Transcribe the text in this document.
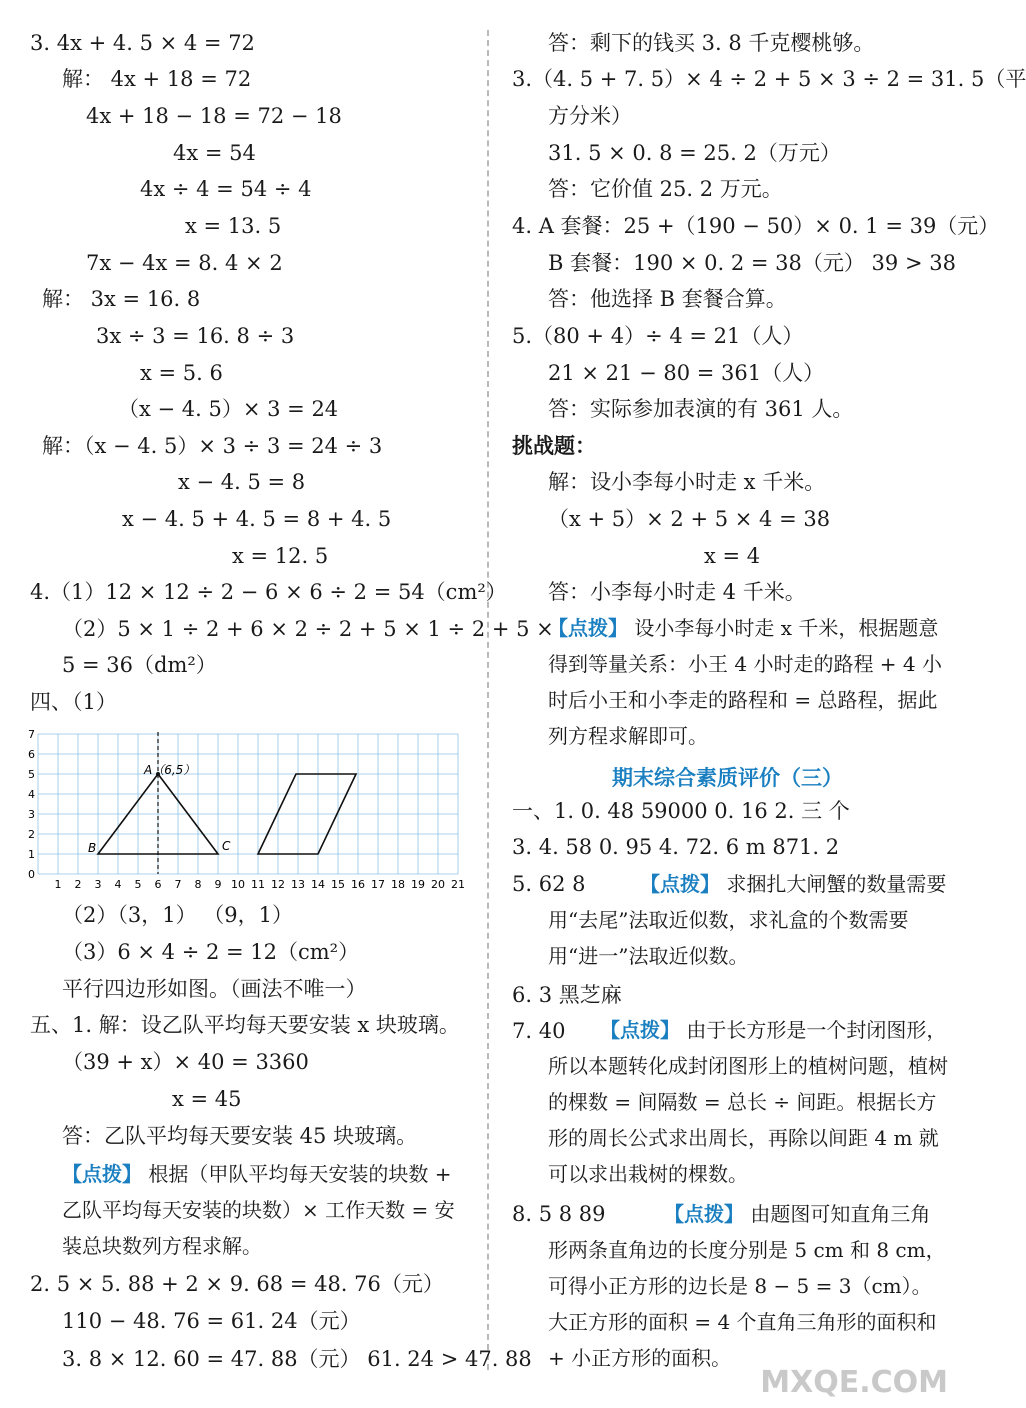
3. 4x + 4. 5 × 4 = 72
解： 4x + 18 = 72
4x + 18 − 18 = 72 − 18
4x = 54
4x ÷ 4 = 54 ÷ 4
x = 13. 5
7x − 4x = 8. 4 × 2
解： 3x = 16. 8
3x ÷ 3 = 16. 8 ÷ 3
x = 5. 6
（x − 4. 5）× 3 = 24
解：（x − 4. 5）× 3 ÷ 3 = 24 ÷ 3
x − 4. 5 = 8
x − 4. 5 + 4. 5 = 8 + 4. 5
x = 12. 5
4.（1）12 × 12 ÷ 2 − 6 × 6 ÷ 2 = 54（cm²）
（2）5 × 1 ÷ 2 + 6 × 2 ÷ 2 + 5 × 1 ÷ 2 + 5 ×
5 = 36（dm²）
四、（1）
0
1
2
3
4
5
6
7
1 2 3 4 5 6 7 8 9 10 11 12 13 14 15 16 17 18 19 20 21
A（6,5）
B	C
（2）（3，1） （9，1）
（3）6 × 4 ÷ 2 = 12（cm²）
平行四边形如图。（画法不唯一）
五、1. 解：设乙队平均每天要安装 x 块玻璃。
（39 + x）× 40 = 3360
x = 45
答：乙队平均每天要安装 45 块玻璃。
【点拨】 根据（甲队平均每天安装的块数 + 乙队平均每天安装的块数）× 工作天数 = 安装总块数列方程求解。
2. 5 × 5. 88 + 2 × 9. 68 = 48. 76（元）
110 − 48. 76 = 61. 24（元）
3. 8 × 12. 60 = 47. 88（元） 61. 24 > 47. 88
答：剩下的钱买 3. 8 千克樱桃够。
3.（4. 5 + 7. 5）× 4 ÷ 2 + 5 × 3 ÷ 2 = 31. 5（平
方分米）
31. 5 × 0. 8 = 25. 2（万元）
答：它价值 25. 2 万元。
4. A 套餐：25 +（190 − 50）× 0. 1 = 39（元）
B 套餐：190 × 0. 2 = 38（元） 39 > 38
答：他选择 B 套餐合算。
5.（80 + 4）÷ 4 = 21（人）
21 × 21 − 80 = 361（人）
答：实际参加表演的有 361 人。
挑战题：
解：设小李每小时走 x 千米。
（x + 5）× 2 + 5 × 4 = 38
x = 4
答：小李每小时走 4 千米。
【点拨】 设小李每小时走 x 千米，根据题意得到等量关系：小王 4 小时走的路程 + 4 小时后小王和小李走的路程和 = 总路程，据此列方程求解即可。
期末综合素质评价（三）
一、1. 0. 48 59000 0. 16 2. 三 个
3. 4. 58 0. 95 4. 72. 6 m 871. 2
5. 62 8	【点拨】 求捆扎大闸蟹的数量需要用“去尾”法取近似数，求礼盒的个数需要用“进一”法取近似数。
6. 3 黑芝麻
7. 40	【点拨】 由于长方形是一个封闭图形，所以本题转化成封闭图形上的植树问题，植树的棵数 = 间隔数 = 总长 ÷ 间距。根据长方形的周长公式求出周长，再除以间距 4 m 就可以求出栽树的棵数。
8. 5 8 89	【点拨】 由题图可知直角三角形两条直角边的长度分别是 5 cm 和 8 cm，可得小正方形的边长是 8 − 5 = 3（cm）。大正方形的面积 = 4 个直角三角形的面积和 + 小正方形的面积。
MXQE.COM
